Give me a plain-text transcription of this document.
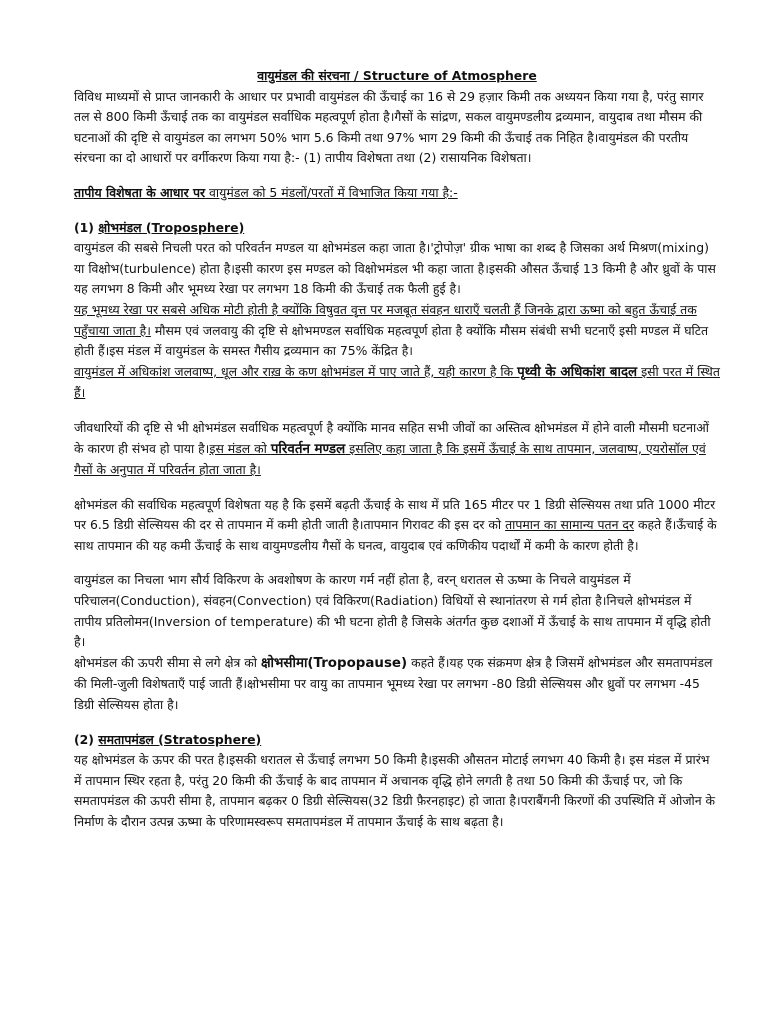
वायुमंडल की संरचना / Structure of Atmosphere

विविध माध्यमों से प्राप्त जानकारी के आधार पर प्रभावी वायुमंडल की ऊँचाई का 16 से 29 हज़ार किमी तक अध्ययन किया गया है, परंतु सागर तल से 800 किमी ऊँचाई तक का वायुमंडल सर्वाधिक महत्वपूर्ण होता है।गैसों के सांद्रण, सकल वायुमण्डलीय द्रव्यमान, वायुदाब तथा मौसम की घटनाओं की दृष्टि से वायुमंडल का लगभग 50% भाग 5.6 किमी तथा 97% भाग 29 किमी की ऊँचाई तक निहित है।वायुमंडल की परतीय संरचना का दो आधारों पर वर्गीकरण किया गया है:- (1) तापीय विशेषता तथा (2) रासायनिक विशेषता।

तापीय विशेषता के आधार पर वायुमंडल को 5 मंडलों/परतों में विभाजित किया गया है:-

(1) क्षोभमंडल (Troposphere)

वायुमंडल की सबसे निचली परत को परिवर्तन मण्डल या क्षोभमंडल कहा जाता है।'ट्रोपोज़' ग्रीक भाषा का शब्द है जिसका अर्थ मिश्रण(mixing) या विक्षोभ(turbulence) होता है।इसी कारण इस मण्डल को विक्षोभमंडल भी कहा जाता है।इसकी औसत ऊँचाई 13 किमी है और ध्रुवों के पास यह लगभग 8 किमी और भूमध्य रेखा पर लगभग 18 किमी की ऊँचाई तक फैली हुई है।

यह भूमध्य रेखा पर सबसे अधिक मोटी होती है क्योंकि विषुवत वृत्त पर मजबूत संवहन धाराएँ चलती हैं जिनके द्वारा ऊष्मा को बहुत ऊँचाई तक पहुँचाया जाता है। मौसम एवं जलवायु की दृष्टि से क्षोभमण्डल सर्वाधिक महत्वपूर्ण होता है क्योंकि मौसम संबंधी सभी घटनाएँ इसी मण्डल में घटित होती हैं।इस मंडल में वायुमंडल के समस्त गैसीय द्रव्यमान का 75% केंद्रित है।
वायुमंडल में अधिकांश जलवाष्प, धूल और राख़ के कण क्षोभमंडल में पाए जाते हैं, यही कारण है कि पृथ्वी के अधिकांश बादल इसी परत में स्थित हैं।

जीवधारियों की दृष्टि से भी क्षोभमंडल सर्वाधिक महत्वपूर्ण है क्योंकि मानव सहित सभी जीवों का अस्तित्व क्षोभमंडल में होने वाली मौसमी घटनाओं के कारण ही संभव हो पाया है।इस मंडल को परिवर्तन मण्डल इसलिए कहा जाता है कि इसमें ऊँचाई के साथ तापमान, जलवाष्प, एयरोसॉल एवं गैसों के अनुपात में परिवर्तन होता जाता है।

क्षोभमंडल की सर्वाधिक महत्वपूर्ण विशेषता यह है कि इसमें बढ़ती ऊँचाई के साथ में प्रति 165 मीटर पर 1 डिग्री सेल्सियस तथा प्रति 1000 मीटर पर 6.5 डिग्री सेल्सियस की दर से तापमान में कमी होती जाती है।तापमान गिरावट की इस दर को तापमान का सामान्य पतन दर कहते हैं।ऊँचाई के साथ तापमान की यह कमी ऊँचाई के साथ वायुमण्डलीय गैसों के घनत्व, वायुदाब एवं कणिकीय पदार्थों में कमी के कारण होती है।

वायुमंडल का निचला भाग सौर्य विकिरण के अवशोषण के कारण गर्म नहीं होता है, वरन् धरातल से ऊष्मा के निचले वायुमंडल में परिचालन(Conduction), संवहन(Convection) एवं विकिरण(Radiation) विधियों से स्थानांतरण से गर्म होता है।निचले क्षोभमंडल में तापीय प्रतिलोमन(Inversion of temperature) की भी घटना होती है जिसके अंतर्गत कुछ दशाओं में ऊँचाई के साथ तापमान में वृद्धि होती है।

क्षोभमंडल की ऊपरी सीमा से लगे क्षेत्र को क्षोभसीमा(Tropopause) कहते हैं।यह एक संक्रमण क्षेत्र है जिसमें क्षोभमंडल और समतापमंडल की मिली-जुली विशेषताएँ पाई जाती हैं।क्षोभसीमा पर वायु का तापमान भूमध्य रेखा पर लगभग -80 डिग्री सेल्सियस और ध्रुवों पर लगभग -45 डिग्री सेल्सियस होता है।

(2) समतापमंडल (Stratosphere)

यह क्षोभमंडल के ऊपर की परत है।इसकी धरातल से ऊँचाई लगभग 50 किमी है।इसकी औसतन मोटाई लगभग 40 किमी है। इस मंडल में प्रारंभ में तापमान स्थिर रहता है, परंतु 20 किमी की ऊँचाई के बाद तापमान में अचानक वृद्धि होने लगती है तथा 50 किमी की ऊँचाई पर, जो कि समतापमंडल की ऊपरी सीमा है, तापमान बढ़कर 0 डिग्री सेल्सियस(32 डिग्री फ़ैरनहाइट) हो जाता है।पराबैंगनी किरणों की उपस्थिति में ओजोन के निर्माण के दौरान उत्पन्न ऊष्मा के परिणामस्वरूप समतापमंडल में तापमान ऊँचाई के साथ बढ़ता है।
